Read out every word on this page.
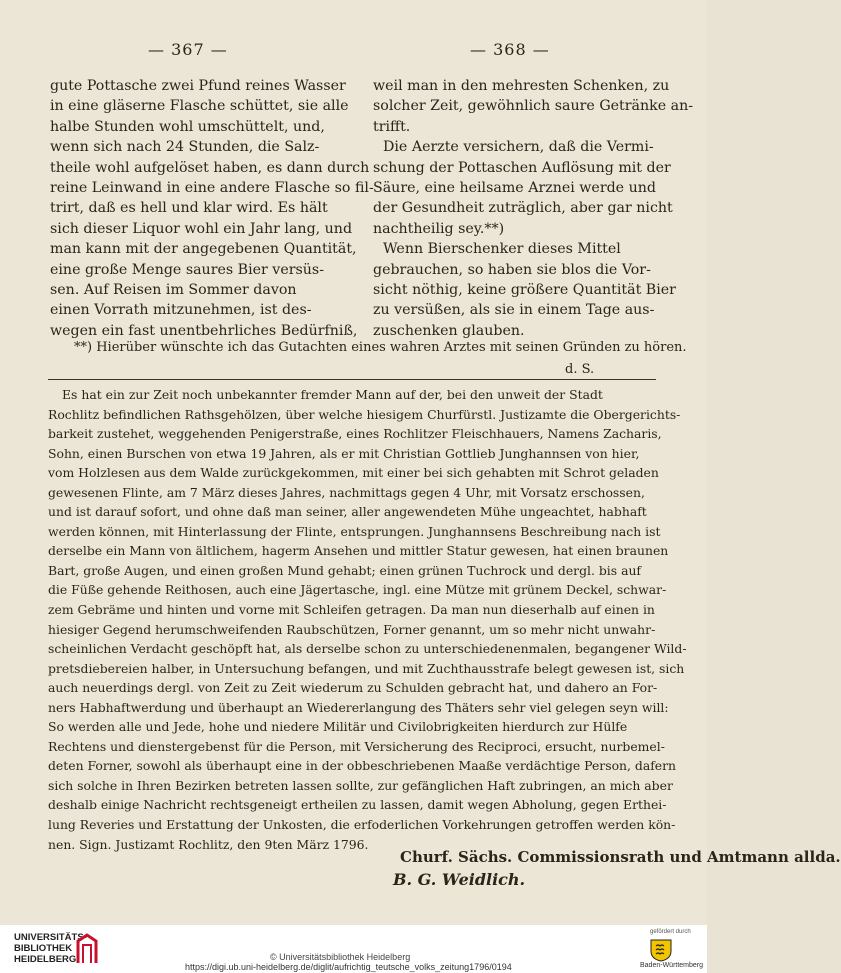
— 367 —	— 368 —
gute Pottasche zwei Pfund reines Wasser
in eine gläserne Flasche schüttet, sie alle
halbe Stunden wohl umschüttelt, und,
wenn sich nach 24 Stunden, die Salz-
theile wohl aufgelöset haben, es dann durch
reine Leinwand in eine andere Flasche so fil-
trirt, daß es hell und klar wird. Es hält
sich dieser Liquor wohl ein Jahr lang, und
man kann mit der angegebenen Quantität,
eine große Menge saures Bier versüs-
sen. Auf Reisen im Sommer davon
einen Vorrath mitzunehmen, ist des-
wegen ein fast unentbehrliches Bedürfniß,
weil man in den mehresten Schenken, zu
solcher Zeit, gewöhnlich saure Getränke an-
trifft.
Die Aerzte versichern, daß die Vermi-
schung der Pottaschen Auflösung mit der
Säure, eine heilsame Arznei werde und
der Gesundheit zuträglich, aber gar nicht
nachtheilig sey.**)
Wenn Bierschenker dieses Mittel
gebrauchen, so haben sie blos die Vor-
sicht nöthig, keine größere Quantität Bier
zu versüßen, als sie in einem Tage aus-
zuschenken glauben.
**) Hierüber wünschte ich das Gutachten eines wahren Arztes mit seinen Gründen zu hören.
d. S.
Es hat ein zur Zeit noch unbekannter fremder Mann auf der, bei den unweit der Stadt
Rochlitz befindlichen Rathsgehölzen, über welche hiesigem Churfürstl. Justizamte die Obergerichts-
barkeit zustehet, weggehenden Penigerstraße, eines Rochlitzer Fleischhauers, Namens Zacharis,
Sohn, einen Burschen von etwa 19 Jahren, als er mit Christian Gottlieb Junghannsen von hier,
vom Holzlesen aus dem Walde zurückgekommen, mit einer bei sich gehabten mit Schrot geladen
gewesenen Flinte, am 7 März dieses Jahres, nachmittags gegen 4 Uhr, mit Vorsatz erschossen,
und ist darauf sofort, und ohne daß man seiner, aller angewendeten Mühe ungeachtet, habhaft
werden können, mit Hinterlassung der Flinte, entsprungen. Junghannsens Beschreibung nach ist
derselbe ein Mann von ältlichem, hagerm Ansehen und mittler Statur gewesen, hat einen braunen
Bart, große Augen, und einen großen Mund gehabt; einen grünen Tuchrock und dergl. bis auf
die Füße gehende Reithosen, auch eine Jägertasche, ingl. eine Mütze mit grünem Deckel, schwar-
zem Gebräme und hinten und vorne mit Schleifen getragen. Da man nun dieserhalb auf einen in
hiesiger Gegend herumschweifenden Raubschützen, Forner genannt, um so mehr nicht unwahr-
scheinlichen Verdacht geschöpft hat, als derselbe schon zu unterschiedenenmalen, begangener Wild-
pretsdiebereien halber, in Untersuchung befangen, und mit Zuchthausstrafe belegt gewesen ist, sich
auch neuerdings dergl. von Zeit zu Zeit wiederum zu Schulden gebracht hat, und dahero an For-
ners Habhaftwerdung und überhaupt an Wiedererlangung des Thäters sehr viel gelegen seyn will:
So werden alle und Jede, hohe und niedere Militär und Civilobrigkeiten hierdurch zur Hülfe
Rechtens und dienstergebenst für die Person, mit Versicherung des Reciproci, ersucht, nurbemel-
deten Forner, sowohl als überhaupt eine in der obbeschriebenen Maaße verdächtige Person, dafern
sich solche in Ihren Bezirken betreten lassen sollte, zur gefänglichen Haft zubringen, an mich aber
deshalb einige Nachricht rechtsgeneigt ertheilen zu lassen, damit wegen Abholung, gegen Erthei-
lung Reveries und Erstattung der Unkosten, die erfoderlichen Vorkehrungen getroffen werden kön-
nen. Sign. Justizamt Rochlitz, den 9ten März 1796.
Churf. Sächs. Commissionsrath und Amtmann allda.
B. G. Weidlich.
UNIVERSITÄTS-
BIBLIOTHEK
HEIDELBERG	© Universitätsbibliothek Heidelberg
https://digi.ub.uni-heidelberg.de/diglit/aufrichtig_teutsche_volks_zeitung1796/0194
gefördert durch
Baden-Württemberg
